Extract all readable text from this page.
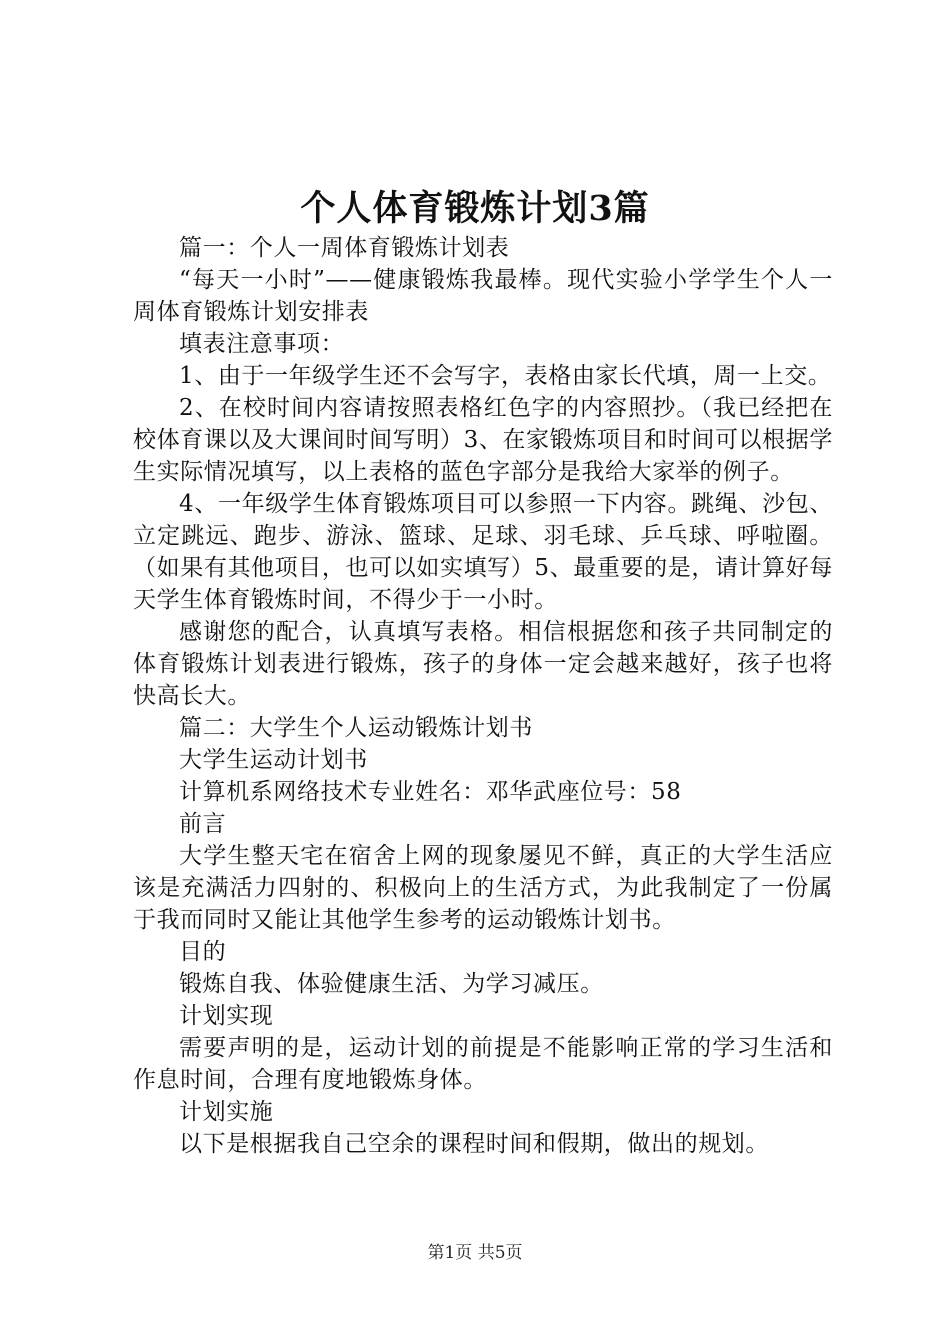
个人体育锻炼计划3篇

篇一：个人一周体育锻炼计划表

“每天一小时”——健康锻炼我最棒。现代实验小学学生个人一周体育锻炼计划安排表

填表注意事项：

1、由于一年级学生还不会写字，表格由家长代填，周一上交。

2、在校时间内容请按照表格红色字的内容照抄。（我已经把在校体育课以及大课间时间写明）3、在家锻炼项目和时间可以根据学生实际情况填写，以上表格的蓝色字部分是我给大家举的例子。

4、一年级学生体育锻炼项目可以参照一下内容。跳绳、沙包、立定跳远、跑步、游泳、篮球、足球、羽毛球、乒乓球、呼啦圈。（如果有其他项目，也可以如实填写）5、最重要的是，请计算好每天学生体育锻炼时间，不得少于一小时。

感谢您的配合，认真填写表格。相信根据您和孩子共同制定的体育锻炼计划表进行锻炼，孩子的身体一定会越来越好，孩子也将快高长大。

篇二：大学生个人运动锻炼计划书

大学生运动计划书

计算机系网络技术专业姓名：邓华武座位号：58

前言

大学生整天宅在宿舍上网的现象屡见不鲜，真正的大学生活应该是充满活力四射的、积极向上的生活方式，为此我制定了一份属于我而同时又能让其他学生参考的运动锻炼计划书。

目的

锻炼自我、体验健康生活、为学习减压。

计划实现

需要声明的是，运动计划的前提是不能影响正常的学习生活和作息时间，合理有度地锻炼身体。

计划实施

以下是根据我自己空余的课程时间和假期，做出的规划。

第1页 共5页
